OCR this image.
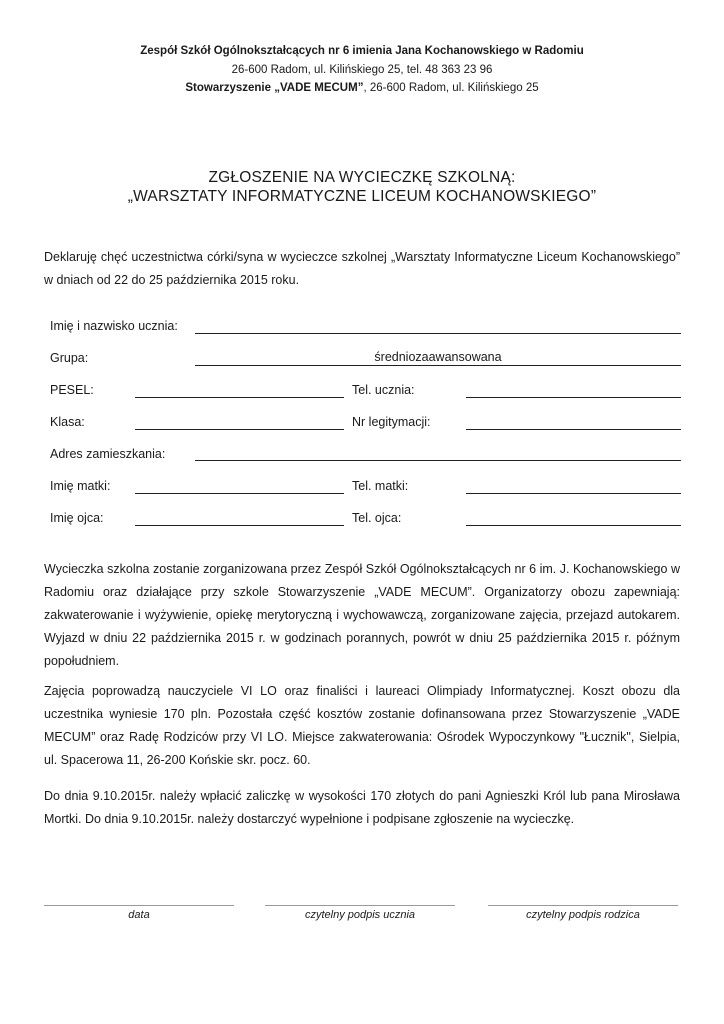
Zespół Szkół Ogólnokształcących nr 6 imienia Jana Kochanowskiego w Radomiu
26-600 Radom, ul. Kilińskiego 25, tel. 48 363 23 96
Stowarzyszenie „VADE MECUM”, 26-600 Radom, ul. Kilińskiego 25
ZGŁOSZENIE NA WYCIECZKĘ SZKOLNĄ:
„WARSZTATY INFORMATYCZNE LICEUM KOCHANOWSKIEGO”
Deklaruję chęć uczestnictwa córki/syna w wycieczce szkolnej „Warsztaty Informatyczne Liceum Kochanowskiego” w dniach od 22 do 25 października 2015 roku.
Imię i nazwisko ucznia:
Grupa:	średniozaawansowana
PESEL:	Tel. ucznia:
Klasa:	Nr legitymacji:
Adres zamieszkania:
Imię matki:	Tel. matki:
Imię ojca:	Tel. ojca:
Wycieczka szkolna zostanie zorganizowana przez Zespół Szkół Ogólnokształcących nr 6 im. J. Kochanowskiego w Radomiu oraz działające przy szkole Stowarzyszenie „VADE MECUM”. Organizatorzy obozu zapewniają: zakwaterowanie i wyżywienie, opiekę merytoryczną i wychowawczą, zorganizowane zajęcia, przejazd autokarem. Wyjazd w dniu 22 października 2015 r. w godzinach porannych, powrót w dniu 25 października 2015 r. późnym popołudniem.
Zajęcia poprowadzą nauczyciele VI LO oraz finaliści i laureaci Olimpiady Informatycznej. Koszt obozu dla uczestnika wyniesie 170 pln. Pozostała część kosztów zostanie dofinansowana przez Stowarzyszenie „VADE MECUM” oraz Radę Rodziców przy VI LO. Miejsce zakwaterowania: Ośrodek Wypoczynkowy "Łucznik", Sielpia, ul. Spacerowa 11, 26-200 Końskie skr. pocz. 60.
Do dnia 9.10.2015r. należy wpłacić zaliczkę w wysokości 170 złotych do pani Agnieszki Król lub pana Mirosława Mortki. Do dnia 9.10.2015r. należy dostarczyć wypełnione i podpisane zgłoszenie na wycieczkę.
data	czytelny podpis ucznia	czytelny podpis rodzica
